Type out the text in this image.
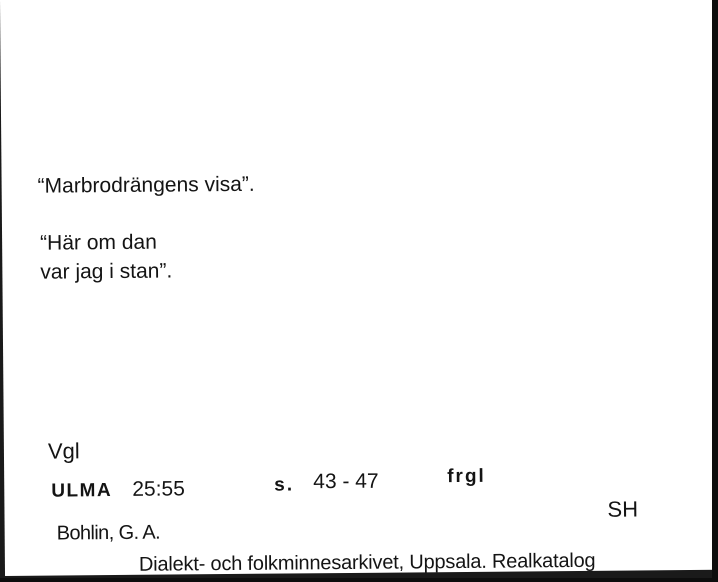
“Marbrodrängens visa”.
“Här om dan
var jag i stan”.
Vgl
ULMA 25:55	s. 43 - 47	frgl
SH
Bohlin, G. A.
Dialekt- och folkminnesarkivet, Uppsala. Realkatalog
